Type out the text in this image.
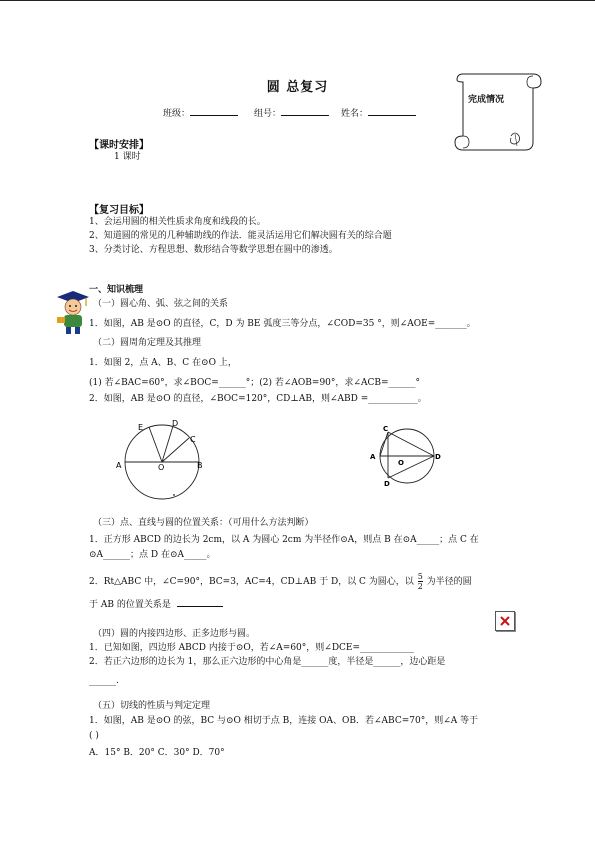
圆 总复习
班级：	组号：	姓名：
完成情况
【课时安排】
1 课时
【复习目标】
1、会运用圆的相关性质求角度和线段的长。
2、知道圆的常见的几种辅助线的作法．能灵活运用它们解决圆有关的综合题
3、分类讨论、方程思想、数形结合等数学思想在圆中的渗透。
一、知识梳理
（一）圆心角、弧、弦之间的关系
1．如图，AB 是⊙O 的直径，C，D 为 BE 弧度三等分点，∠COD=35 °，则∠AOE=_______。
（二）圆周角定理及其推理
1．如图 2，点 A、B、C 在⊙O 上，
(1) 若∠BAC=60°，求∠BOC=______°；(2) 若∠AOB=90°，求∠ACB=______°
2．如图，AB 是⊙O 的直径，∠BOC=120°，CD⊥AB，则∠ABD =___________。
E	D
C
A	O	B
C
A
O
D
D
（三）点、直线与圆的位置关系：（可用什么方法判断）
1．正方形 ABCD 的边长为 2cm，以 A 为圆心 2cm 为半径作⊙A，则点 B 在⊙A_____；点 C 在
⊙A______；点 D 在⊙A_____。
2．Rt△ABC 中，∠C=90°，BC=3，AC=4，CD⊥AB 于 D，以 C 为圆心，以 $\frac{5}{2}$ 为半径的圆
于 AB 的位置关系是
（四）圆的内接四边形、正多边形与圆。
1．已知如图，四边形 ABCD 内接于⊙O，若∠A=60°，则∠DCE=____________
2．若正六边形的边长为 1，那么正六边形的中心角是______度，半径是______，边心距是
______.
（五）切线的性质与判定定理
1．如图，AB 是⊙O 的弦，BC 与⊙O 相切于点 B，连接 OA、OB．若∠ABC=70°，则∠A 等于
( )
A．15° B．20° C．30° D．70°
